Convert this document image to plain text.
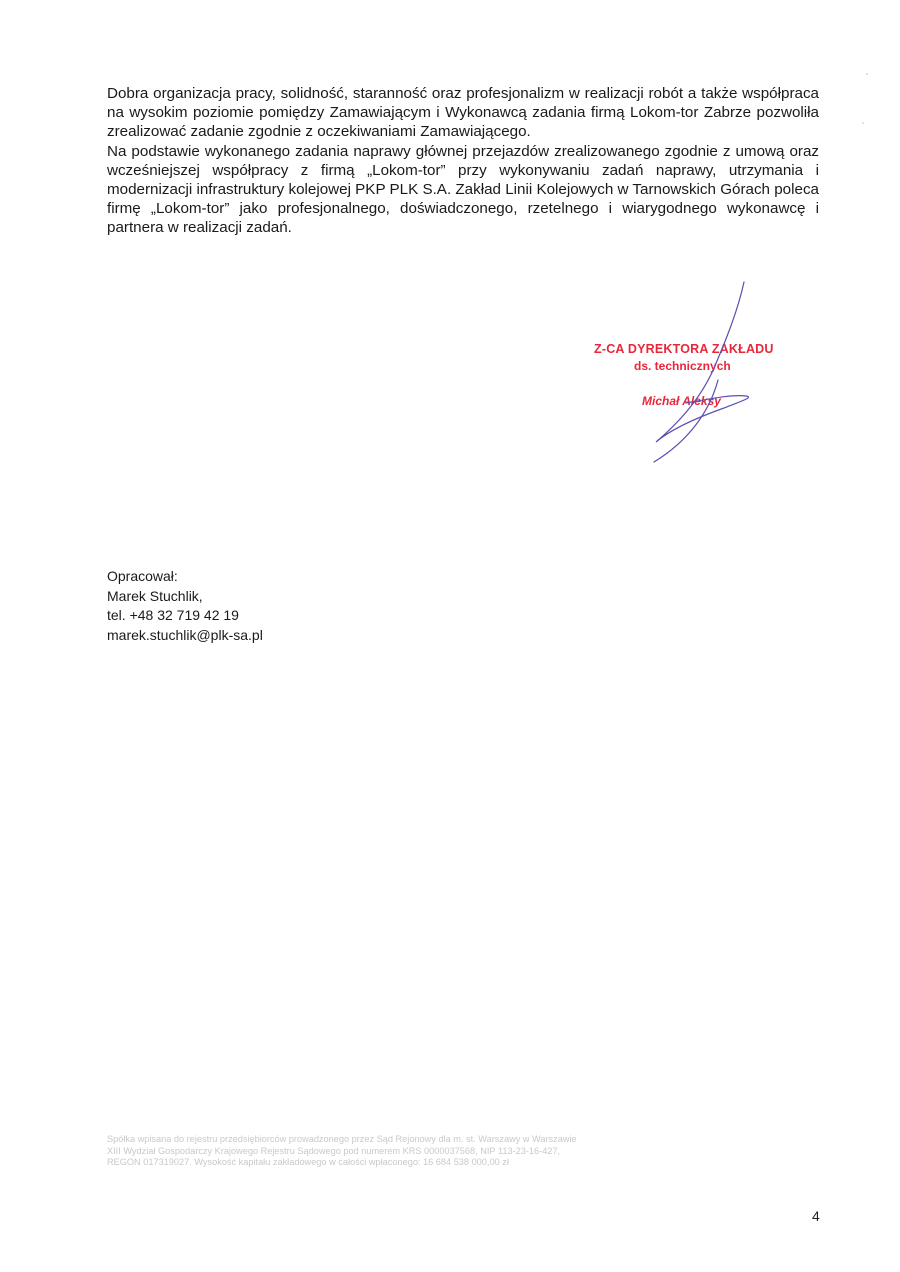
Dobra organizacja pracy, solidność, staranność oraz profesjonalizm w realizacji robót a także współpraca na wysokim poziomie pomiędzy Zamawiającym i Wykonawcą zadania firmą Lokom-tor Zabrze pozwoliła zrealizować zadanie zgodnie z oczekiwaniami Zamawiającego.

Na podstawie wykonanego zadania naprawy głównej przejazdów zrealizowanego zgodnie z umową oraz wcześniejszej współpracy z firmą „Lokom-tor” przy wykonywaniu zadań naprawy, utrzymania i modernizacji infrastruktury kolejowej PKP PLK S.A. Zakład Linii Kolejowych w Tarnowskich Górach poleca firmę „Lokom-tor” jako profesjonalnego, doświadczonego, rzetelnego i wiarygodnego wykonawcę i partnera w realizacji zadań.

Z-CA DYREKTORA ZAKŁADU
ds. technicznych
Michał Aleksy
Opracował:
Marek Stuchlik,
tel. +48 32 719 42 19
marek.stuchlik@plk-sa.pl
Spółka wpisana do rejestru przedsiębiorców prowadzonego przez Sąd Rejonowy dla m. st. Warszawy w Warszawie
XIII Wydział Gospodarczy Krajowego Rejestru Sądowego pod numerem KRS 0000037568, NIP 113-23-16-427,
REGON 017319027. Wysokość kapitału zakładowego w całości wpłaconego: 16 684 538 000,00 zł
4
